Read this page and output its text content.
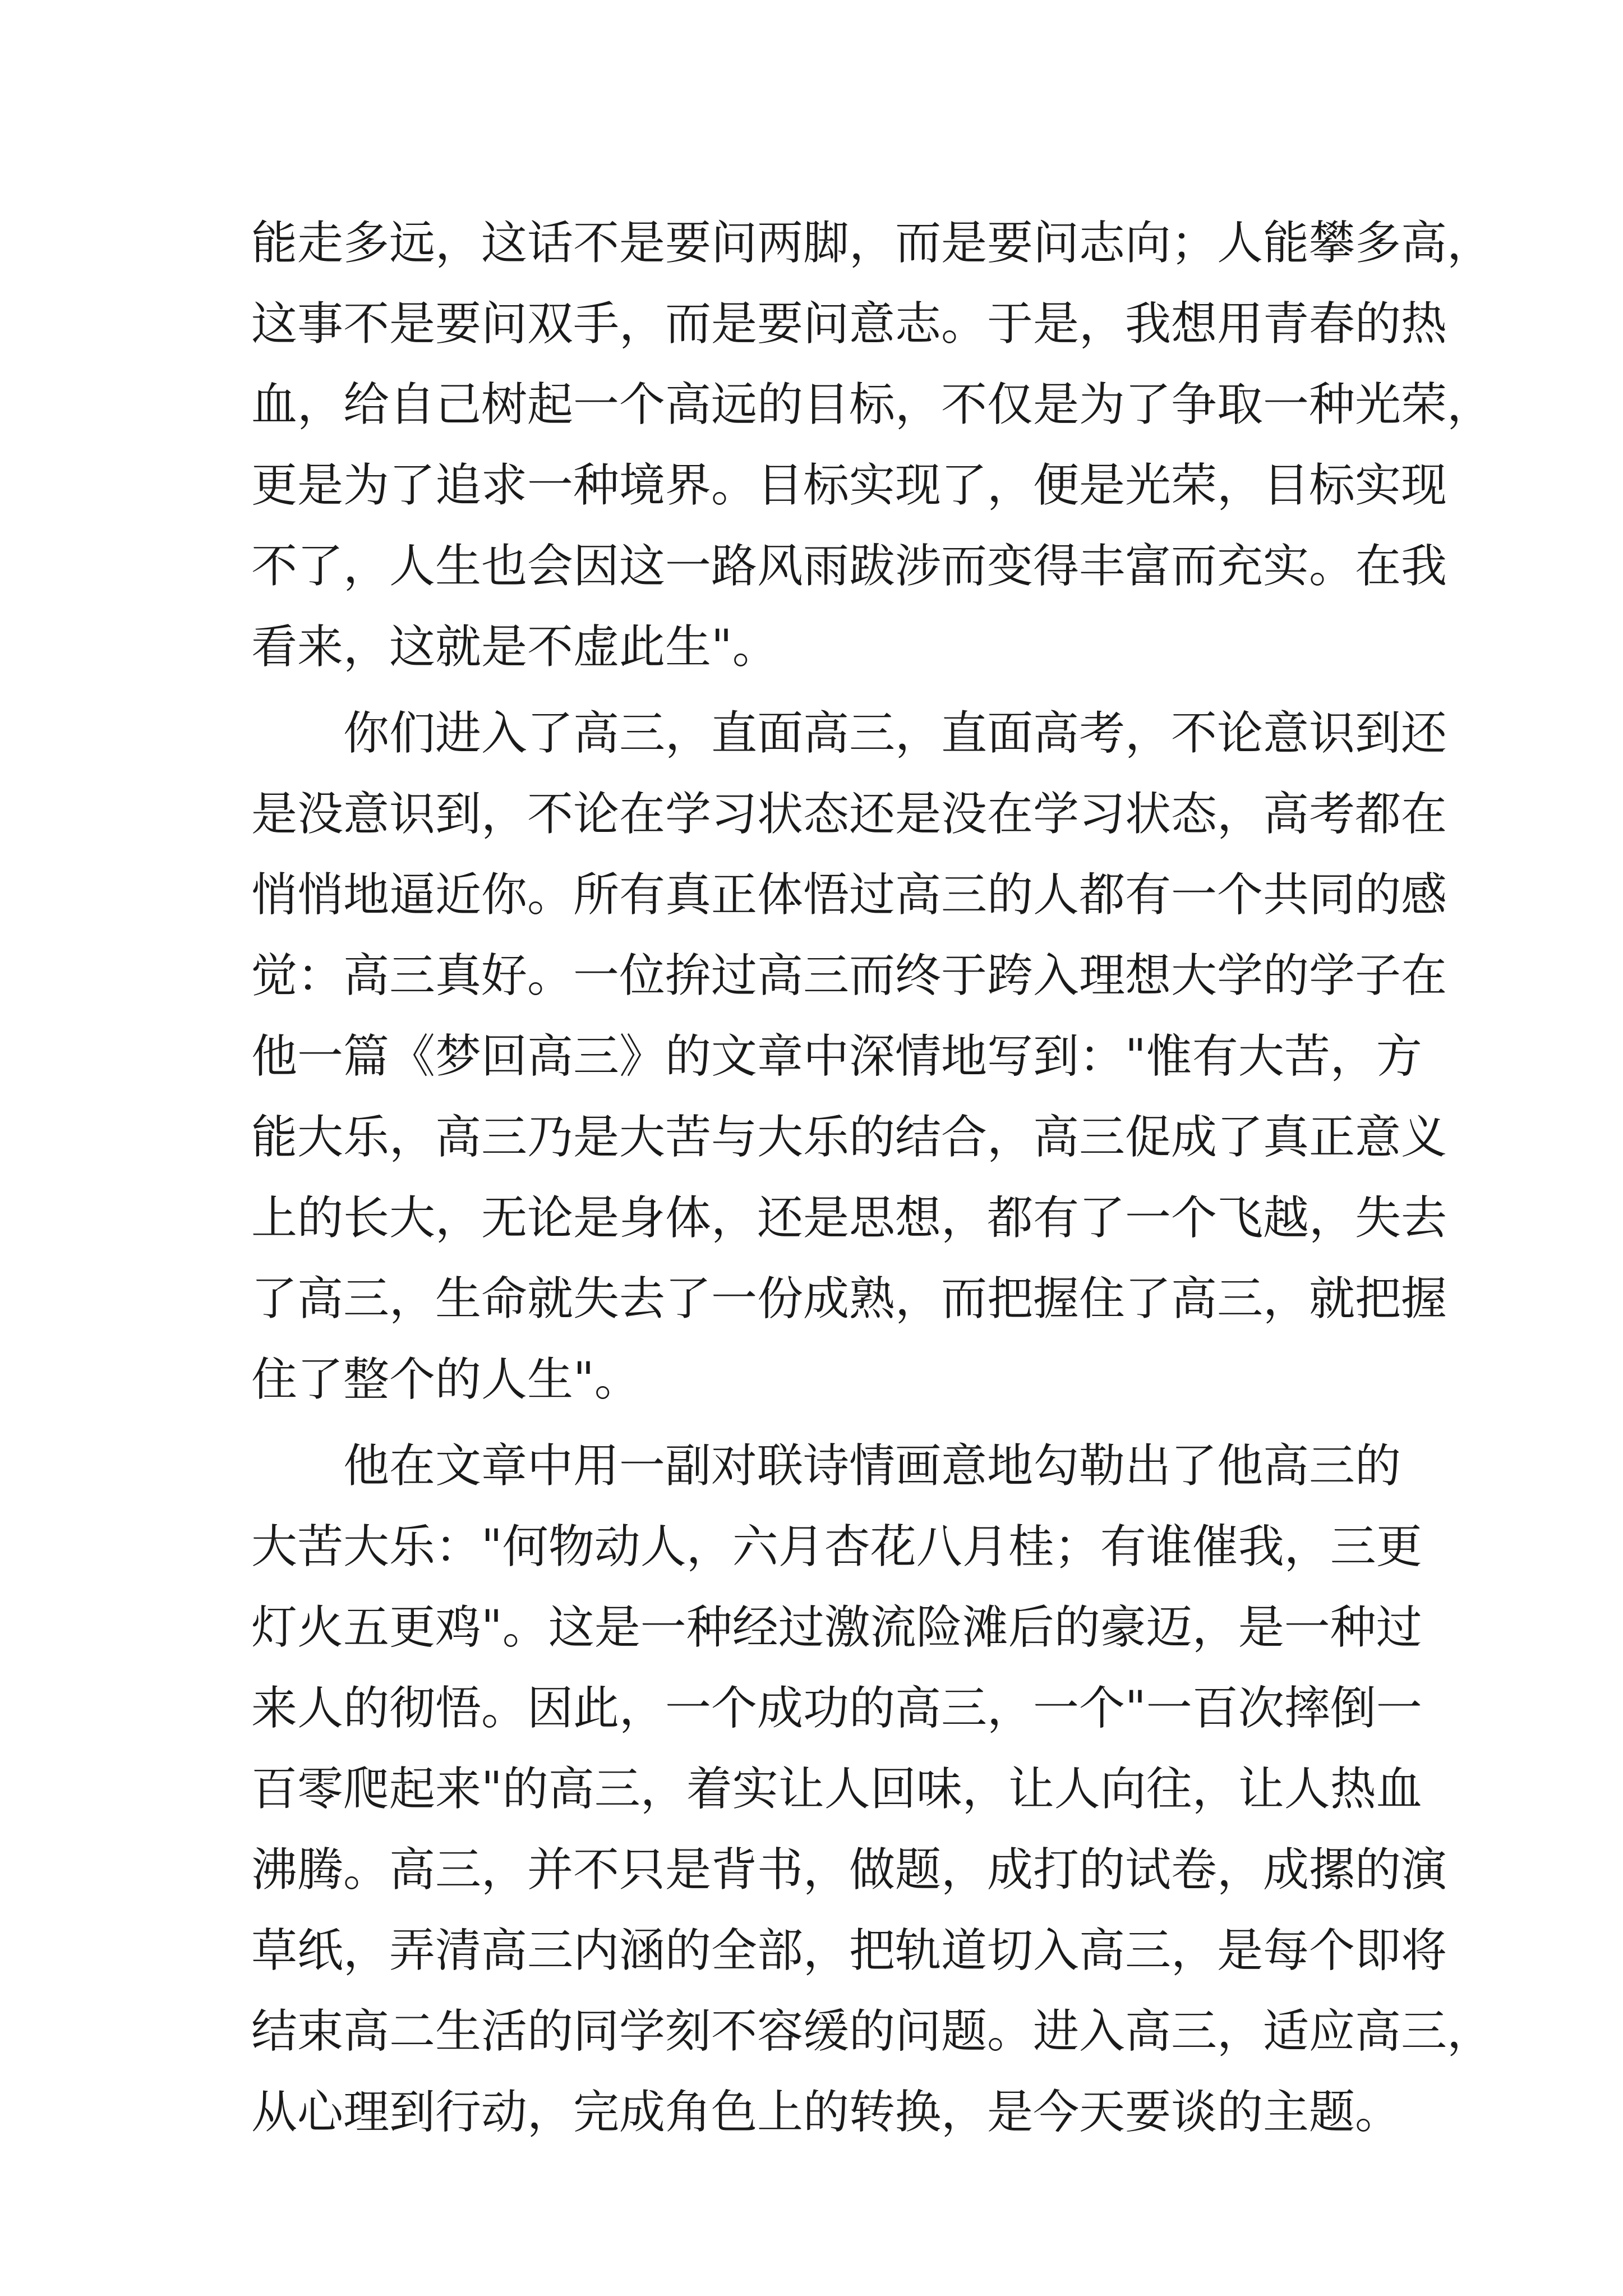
能走多远，这话不是要问两脚，而是要问志向；人能攀多高，
这事不是要问双手，而是要问意志。于是，我想用青春的热
血，给自己树起一个高远的目标，不仅是为了争取一种光荣，
更是为了追求一种境界。目标实现了，便是光荣，目标实现
不了，人生也会因这一路风雨跋涉而变得丰富而充实。在我
看来，这就是不虚此生"。
你们进入了高三，直面高三，直面高考，不论意识到还
是没意识到，不论在学习状态还是没在学习状态，高考都在
悄悄地逼近你。所有真正体悟过高三的人都有一个共同的感
觉：高三真好。一位拚过高三而终于跨入理想大学的学子在
他一篇《梦回高三》的文章中深情地写到："惟有大苦，方
能大乐，高三乃是大苦与大乐的结合，高三促成了真正意义
上的长大，无论是身体，还是思想，都有了一个飞越，失去
了高三，生命就失去了一份成熟，而把握住了高三，就把握
住了整个的人生"。
他在文章中用一副对联诗情画意地勾勒出了他高三的
大苦大乐："何物动人，六月杏花八月桂；有谁催我，三更
灯火五更鸡"。这是一种经过激流险滩后的豪迈，是一种过
来人的彻悟。因此，一个成功的高三，一个"一百次摔倒一
百零爬起来"的高三，着实让人回味，让人向往，让人热血
沸腾。高三，并不只是背书，做题，成打的试卷，成摞的演
草纸，弄清高三内涵的全部，把轨道切入高三，是每个即将
结束高二生活的同学刻不容缓的问题。进入高三，适应高三，
从心理到行动，完成角色上的转换，是今天要谈的主题。
